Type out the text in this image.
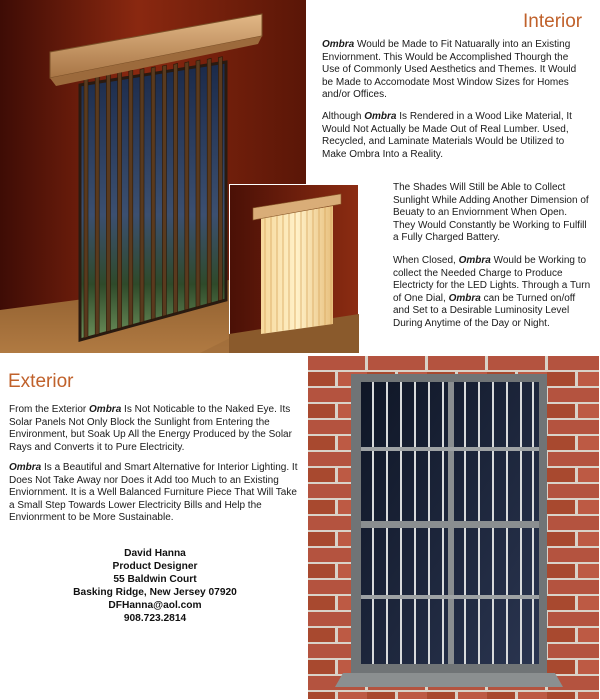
Interior

Ombra Would be Made to Fit Natuarally into an Existing Enviornment. This Would be Accomplished Thourgh the Use of Commonly Used Aesthetics and Themes. It Would be Made to Accomodate Most Window Sizes for Homes and/or Offices.

Although Ombra Is Rendered in a Wood Like Material, It Would Not Actually be Made Out of Real Lumber. Used, Recycled, and Laminate Materials Would be Utilized to Make Ombra Into a Reality.

The Shades Will Still be Able to Collect Sunlight While Adding Another Dimension of Beuaty to an Enviornment When Open. They Would Constantly be Working to Fulfill a Fully Charged Battery.

When Closed, Ombra Would be Working to collect the Needed Charge to Produce Electricty for the LED Lights. Through a Turn of One Dial, Ombra can be Turned on/off and Set to a Desirable Luminosity Level During Anytime of the Day or Night.

Exterior

From the Exterior Ombra Is Not Noticable to the Naked Eye. Its Solar Panels Not Only Block the Sunlight from Entering the Environment, but Soak Up All the Energy Produced by the Solar Rays and Converts it to Pure Electricity.

Ombra Is a Beautiful and Smart Alternative for Interior Lighting. It Does Not Take Away nor Does it Add too Much to an Existing Enviornment. It is a Well Balanced Furniture Piece That Will Take a Small Step Towards Lower Electricity Bills and Help the Envionrment to be More Sustainable.

David Hanna
Product Designer
55 Baldwin Court
Basking Ridge, New Jersey 07920
DFHanna@aol.com
908.723.2814
